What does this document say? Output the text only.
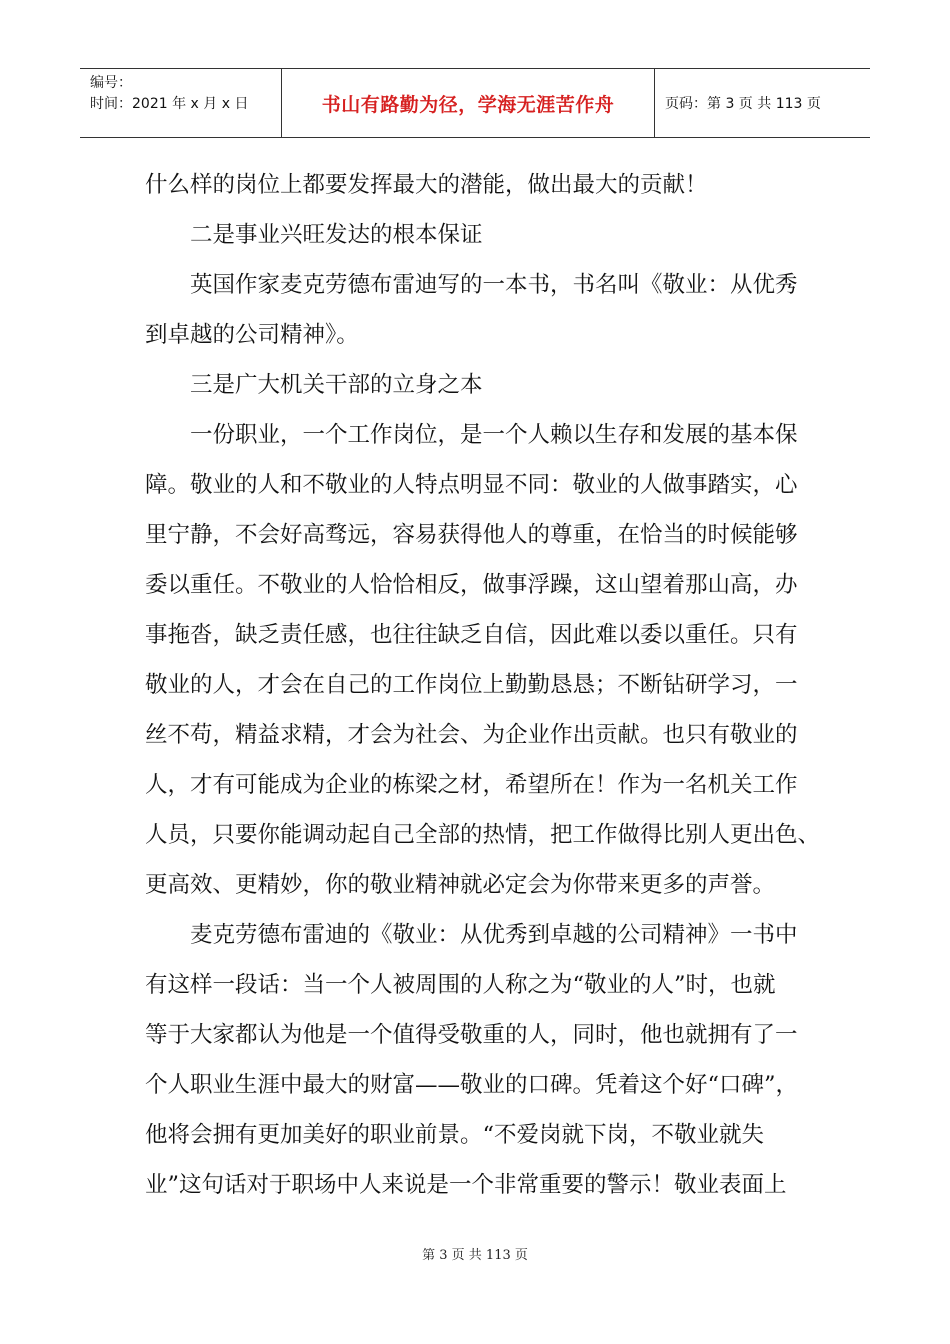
编号：
时间：2021 年 x 月 x 日	书山有路勤为径，学海无涯苦作舟	页码：第 3 页 共 113 页
什么样的岗位上都要发挥最大的潜能，做出最大的贡献！
　　二是事业兴旺发达的根本保证
　　英国作家麦克劳德布雷迪写的一本书，书名叫《敬业：从优秀
到卓越的公司精神》。
　　三是广大机关干部的立身之本
　　一份职业，一个工作岗位，是一个人赖以生存和发展的基本保
障。敬业的人和不敬业的人特点明显不同：敬业的人做事踏实，心
里宁静，不会好高骛远，容易获得他人的尊重，在恰当的时候能够
委以重任。不敬业的人恰恰相反，做事浮躁，这山望着那山高，办
事拖沓，缺乏责任感，也往往缺乏自信，因此难以委以重任。只有
敬业的人，才会在自己的工作岗位上勤勤恳恳；不断钻研学习，一
丝不苟，精益求精，才会为社会、为企业作出贡献。也只有敬业的
人，才有可能成为企业的栋梁之材，希望所在！作为一名机关工作
人员，只要你能调动起自己全部的热情，把工作做得比别人更出色、
更高效、更精妙，你的敬业精神就必定会为你带来更多的声誉。
　　麦克劳德布雷迪的《敬业：从优秀到卓越的公司精神》一书中
有这样一段话：当一个人被周围的人称之为“敬业的人”时，也就
等于大家都认为他是一个值得受敬重的人，同时，他也就拥有了一
个人职业生涯中最大的财富——敬业的口碑。凭着这个好“口碑”，
他将会拥有更加美好的职业前景。“不爱岗就下岗，不敬业就失
业”这句话对于职场中人来说是一个非常重要的警示！敬业表面上
第 3 页 共 113 页
